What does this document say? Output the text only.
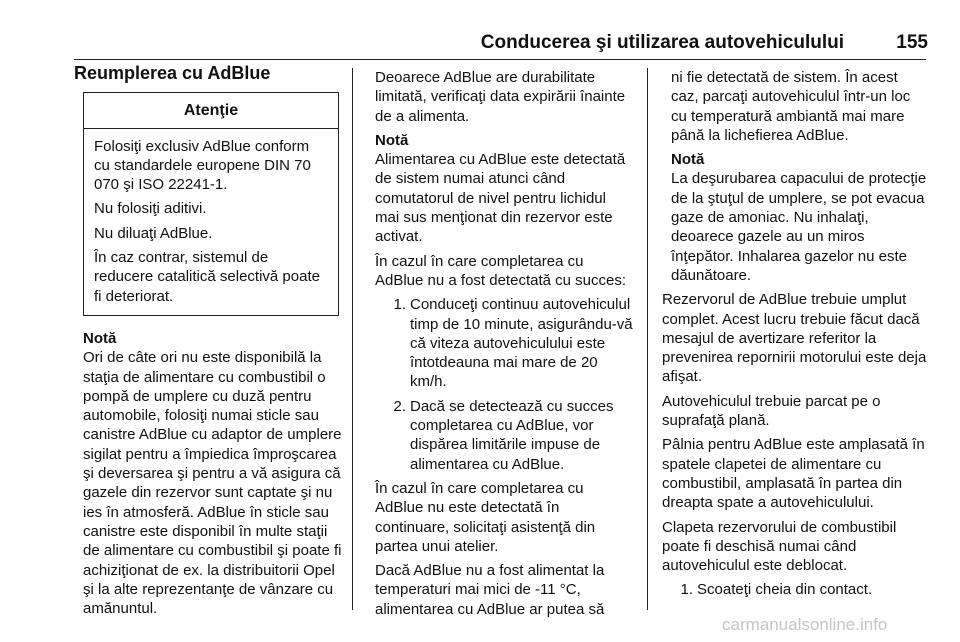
Conducerea şi utilizarea autovehiculului	155
Reumplerea cu AdBlue
Atenţie

Folosiţi exclusiv AdBlue conform cu standardele europene DIN 70 070 şi ISO 22241-1.

Nu folosiţi aditivi.

Nu diluaţi AdBlue.

În caz contrar, sistemul de reducere catalitică selectivă poate fi deteriorat.

Notă

Ori de câte ori nu este disponibilă la staţia de alimentare cu combustibil o pompă de umplere cu duză pentru automobile, folosiţi numai sticle sau canistre AdBlue cu adaptor de umplere sigilat pentru a împiedica împroşcarea şi deversarea şi pentru a vă asigura că gazele din rezervor sunt captate şi nu ies în atmosferă. AdBlue în sticle sau canistre este disponibil în multe staţii de alimentare cu combustibil şi poate fi achiziţionat de ex. la distribuitorii Opel şi la alte reprezentanţe de vânzare cu amănuntul.

Deoarece AdBlue are durabilitate limitată, verificaţi data expirării înainte de a alimenta.

Notă

Alimentarea cu AdBlue este detectată de sistem numai atunci când comutatorul de nivel pentru lichidul mai sus menţionat din rezervor este activat.

În cazul în care completarea cu AdBlue nu a fost detectată cu succes:

1. Conduceţi continuu autovehiculul timp de 10 minute, asigurându-vă că viteza autovehiculului este întotdeauna mai mare de 20 km/h.
2. Dacă se detectează cu succes completarea cu AdBlue, vor dispărea limitările impuse de alimentarea cu AdBlue.

În cazul în care completarea cu AdBlue nu este detectată în continuare, solicitaţi asistenţă din partea unui atelier.

Dacă AdBlue nu a fost alimentat la temperaturi mai mici de -11 °C, alimentarea cu AdBlue ar putea să

ni fie detectată de sistem. În acest caz, parcaţi autovehiculul într-un loc cu temperatură ambiantă mai mare până la lichefierea AdBlue.

Notă

La deşurubarea capacului de protecţie de la ştuţul de umplere, se pot evacua gaze de amoniac. Nu inhalaţi, deoarece gazele au un miros înţepător. Inhalarea gazelor nu este dăunătoare.

Rezervorul de AdBlue trebuie umplut complet. Acest lucru trebuie făcut dacă mesajul de avertizare referitor la prevenirea repornirii motorului este deja afişat.

Autovehiculul trebuie parcat pe o suprafaţă plană.

Pâlnia pentru AdBlue este amplasată în spatele clapetei de alimentare cu combustibil, amplasată în partea din dreapta spate a autovehiculului.

Clapeta rezervorului de combustibil poate fi deschisă numai când autovehiculul este deblocat.

1. Scoateţi cheia din contact.
carmanualsonline.info
